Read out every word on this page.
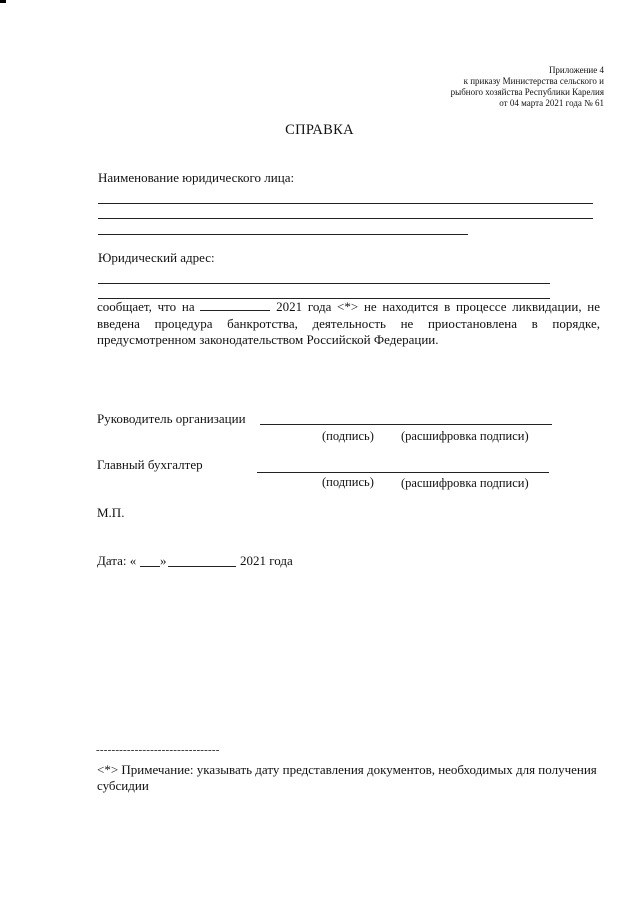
Приложение 4
к приказу Министерства сельского и
рыбного хозяйства Республики Карелия
от 04 марта 2021 года № 61
СПРАВКА
Наименование юридического лица:
Юридический адрес:
сообщает, что на	2021 года <*> не находится в процессе ликвидации, не введена процедура банкротства, деятельность не приостановлена в порядке, предусмотренном законодательством Российской Федерации.
Руководитель организации
(подпись) (расшифровка подписи)
Главный бухгалтер
(подпись) (расшифровка подписи)
М.П.
Дата: « »	2021 года
--------------------------------
<*> Примечание: указывать дату представления документов, необходимых для получения субсидии
